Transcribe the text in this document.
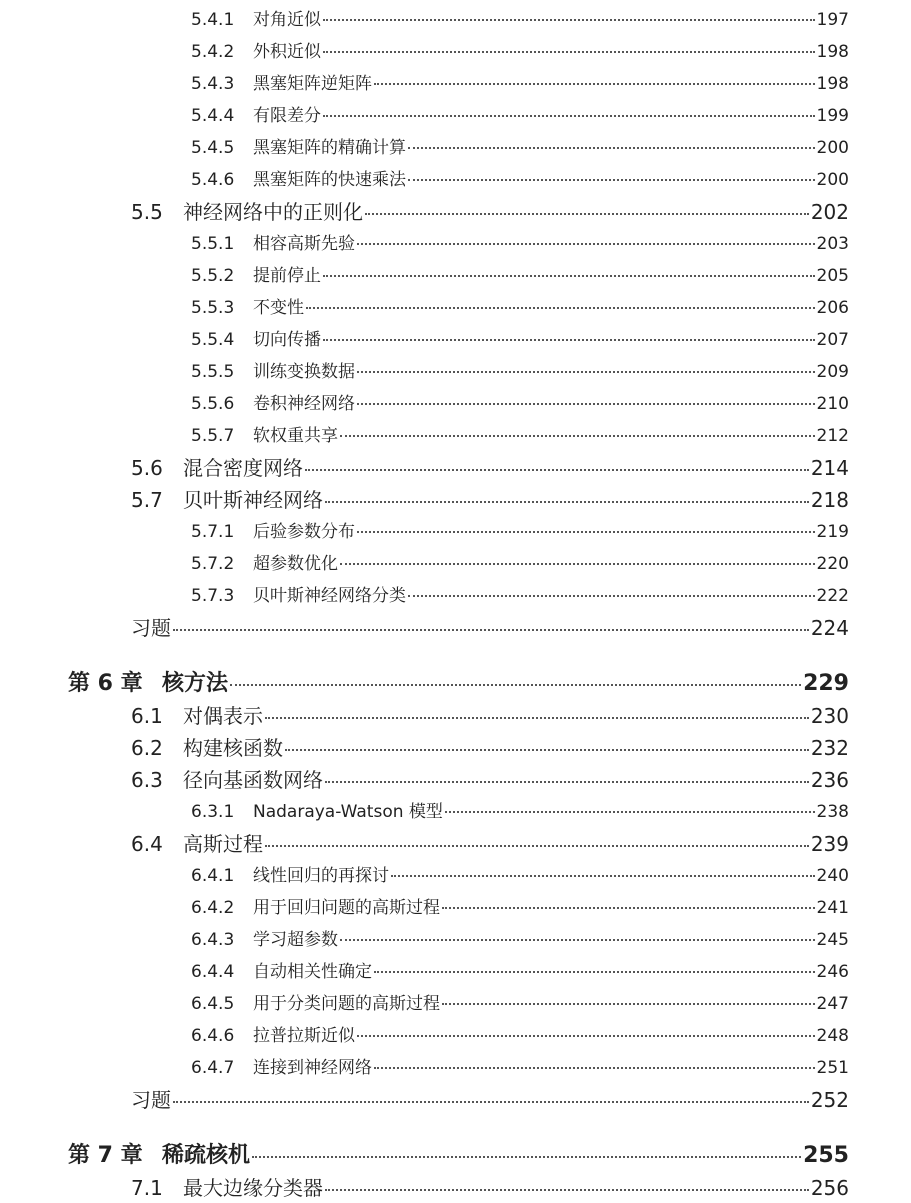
5.4.1	对角近似	197
5.4.2	外积近似	198
5.4.3	黑塞矩阵逆矩阵	198
5.4.4	有限差分	199
5.4.5	黑塞矩阵的精确计算	200
5.4.6	黑塞矩阵的快速乘法	200
5.5	神经网络中的正则化	202
5.5.1	相容高斯先验	203
5.5.2	提前停止	205
5.5.3	不变性	206
5.5.4	切向传播	207
5.5.5	训练变换数据	209
5.5.6	卷积神经网络	210
5.5.7	软权重共享	212
5.6	混合密度网络	214
5.7	贝叶斯神经网络	218
5.7.1	后验参数分布	219
5.7.2	超参数优化	220
5.7.3	贝叶斯神经网络分类	222
习题	224
第 6 章 核方法	229
6.1	对偶表示	230
6.2	构建核函数	232
6.3	径向基函数网络	236
6.3.1	Nadaraya-Watson 模型	238
6.4	高斯过程	239
6.4.1	线性回归的再探讨	240
6.4.2	用于回归问题的高斯过程	241
6.4.3	学习超参数	245
6.4.4	自动相关性确定	246
6.4.5	用于分类问题的高斯过程	247
6.4.6	拉普拉斯近似	248
6.4.7	连接到神经网络	251
习题	252
第 7 章 稀疏核机	255
7.1	最大边缘分类器	256
